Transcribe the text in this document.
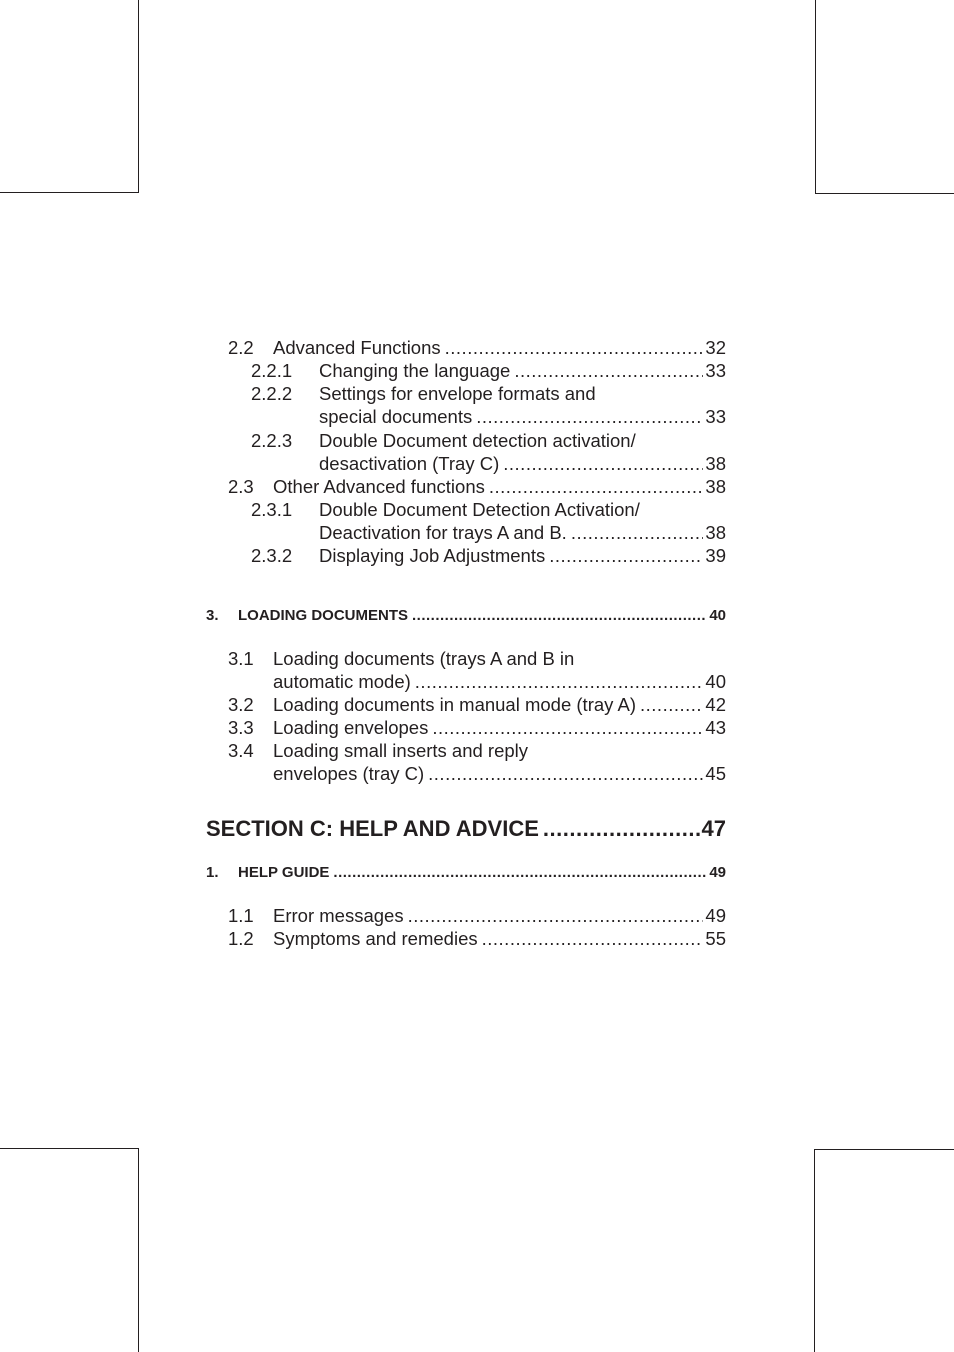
2.2	Advanced Functions .....	32
2.2.1	Changing the language .....	33
2.2.2	Settings for envelope formats and
special documents .....	33
2.2.3	Double Document detection activation/
desactivation (Tray C) .....	38
2.3	Other Advanced functions .....	38
2.3.1	Double Document Detection Activation/
Deactivation for trays A and B. .....	38
2.3.2	Displaying Job Adjustments .....	39
3.	LOADING DOCUMENTS .....	40
3.1	Loading documents (trays A and B in
automatic mode) .....	40
3.2	Loading documents in manual mode (tray A) .....	42
3.3	Loading envelopes .....	43
3.4	Loading small inserts and reply
envelopes (tray C) .....	45
SECTION C: HELP AND ADVICE .....	47
1.	HELP GUIDE .....	49
1.1	Error messages .....	49
1.2	Symptoms and remedies .....	55
